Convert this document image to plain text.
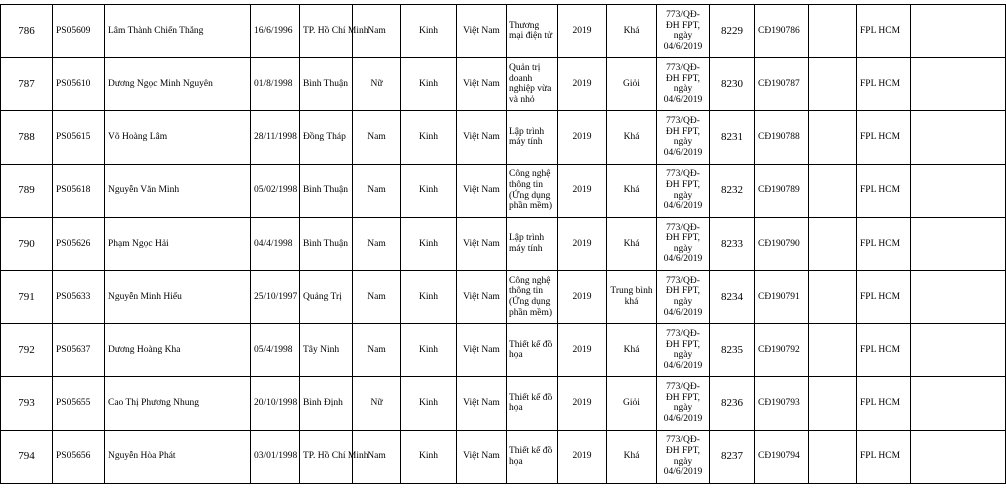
786	PS05609	Lâm Thành Chiến Thắng	16/6/1996	TP. Hồ Chí Minh	Nam	Kinh	Việt Nam	Thương mại điện tử	2019	Khá	773/QĐ-ĐH FPT, ngày 04/6/2019	8229	CĐ190786		FPL HCM	
787	PS05610	Dương Ngọc Minh Nguyên	01/8/1998	Bình Thuận	Nữ	Kinh	Việt Nam	Quản trị doanh nghiệp vừa và nhỏ	2019	Giỏi	773/QĐ-ĐH FPT, ngày 04/6/2019	8230	CĐ190787		FPL HCM	
788	PS05615	Võ Hoàng Lâm	28/11/1998	Đồng Tháp	Nam	Kinh	Việt Nam	Lập trình máy tính	2019	Khá	773/QĐ-ĐH FPT, ngày 04/6/2019	8231	CĐ190788		FPL HCM	
789	PS05618	Nguyễn Văn Minh	05/02/1998	Bình Thuận	Nam	Kinh	Việt Nam	Công nghệ thông tin (Ứng dụng phần mềm)	2019	Khá	773/QĐ-ĐH FPT, ngày 04/6/2019	8232	CĐ190789		FPL HCM	
790	PS05626	Phạm Ngọc Hải	04/4/1998	Bình Thuận	Nam	Kinh	Việt Nam	Lập trình máy tính	2019	Khá	773/QĐ-ĐH FPT, ngày 04/6/2019	8233	CĐ190790		FPL HCM	
791	PS05633	Nguyễn Minh Hiếu	25/10/1997	Quảng Trị	Nam	Kinh	Việt Nam	Công nghệ thông tin (Ứng dụng phần mềm)	2019	Trung bình khá	773/QĐ-ĐH FPT, ngày 04/6/2019	8234	CĐ190791		FPL HCM	
792	PS05637	Dương Hoàng Kha	05/4/1998	Tây Ninh	Nam	Kinh	Việt Nam	Thiết kế đồ họa	2019	Khá	773/QĐ-ĐH FPT, ngày 04/6/2019	8235	CĐ190792		FPL HCM	
793	PS05655	Cao Thị Phương Nhung	20/10/1998	Bình Định	Nữ	Kinh	Việt Nam	Thiết kế đồ họa	2019	Giỏi	773/QĐ-ĐH FPT, ngày 04/6/2019	8236	CĐ190793		FPL HCM	
794	PS05656	Nguyễn Hòa Phát	03/01/1998	TP. Hồ Chí Minh	Nam	Kinh	Việt Nam	Thiết kế đồ họa	2019	Khá	773/QĐ-ĐH FPT, ngày 04/6/2019	8237	CĐ190794		FPL HCM	
